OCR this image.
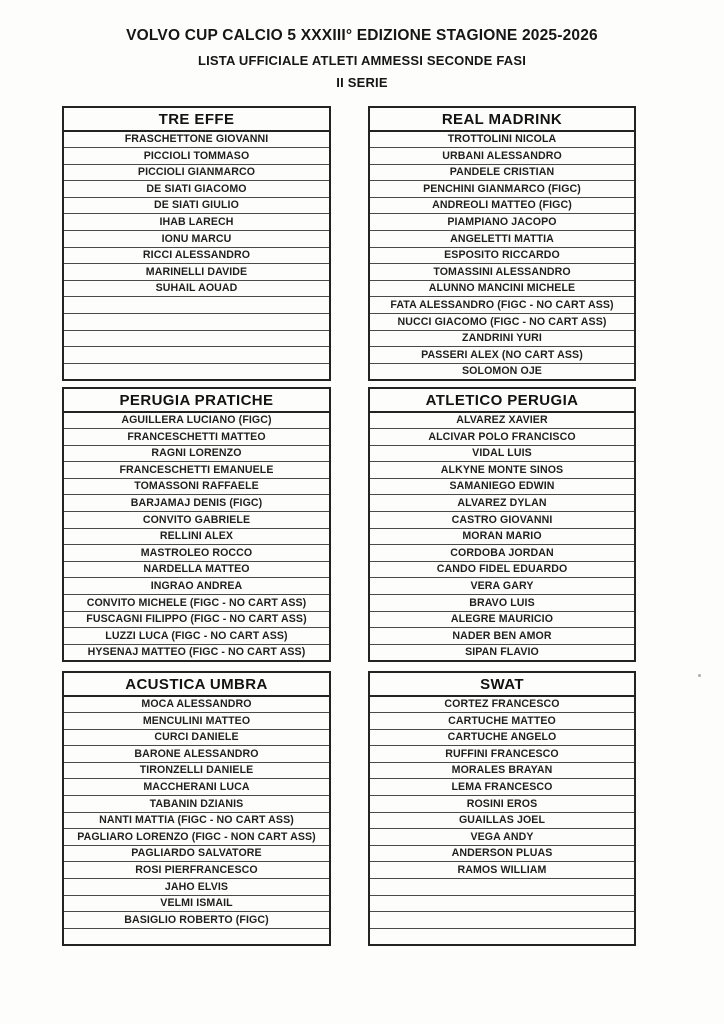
VOLVO CUP CALCIO 5 XXXIII° EDIZIONE STAGIONE 2025-2026
LISTA UFFICIALE ATLETI AMMESSI SECONDE FASI
II SERIE
TRE EFFE
FRASCHETTONE GIOVANNI
PICCIOLI TOMMASO
PICCIOLI GIANMARCO
DE SIATI GIACOMO
DE SIATI GIULIO
IHAB LARECH
IONU MARCU
RICCI ALESSANDRO
MARINELLI DAVIDE
SUHAIL AOUAD

REAL MADRINK
TROTTOLINI NICOLA
URBANI ALESSANDRO
PANDELE CRISTIAN
PENCHINI GIANMARCO (FIGC)
ANDREOLI MATTEO (FIGC)
PIAMPIANO JACOPO
ANGELETTI MATTIA
ESPOSITO RICCARDO
TOMASSINI ALESSANDRO
ALUNNO MANCINI MICHELE
FATA ALESSANDRO (FIGC - NO CART ASS)
NUCCI GIACOMO (FIGC - NO CART ASS)
ZANDRINI YURI
PASSERI ALEX (NO CART ASS)
SOLOMON OJE
PERUGIA PRATICHE
AGUILLERA LUCIANO (FIGC)
FRANCESCHETTI MATTEO
RAGNI LORENZO
FRANCESCHETTI EMANUELE
TOMASSONI RAFFAELE
BARJAMAJ DENIS (FIGC)
CONVITO GABRIELE
RELLINI ALEX
MASTROLEO ROCCO
NARDELLA MATTEO
INGRAO ANDREA
CONVITO MICHELE (FIGC - NO CART ASS)
FUSCAGNI FILIPPO (FIGC - NO CART ASS)
LUZZI LUCA (FIGC - NO CART ASS)
HYSENAJ MATTEO (FIGC - NO CART ASS)
ATLETICO PERUGIA
ALVAREZ XAVIER
ALCIVAR POLO FRANCISCO
VIDAL LUIS
ALKYNE MONTE SINOS
SAMANIEGO EDWIN
ALVAREZ DYLAN
CASTRO GIOVANNI
MORAN MARIO
CORDOBA JORDAN
CANDO FIDEL EDUARDO
VERA GARY
BRAVO LUIS
ALEGRE MAURICIO
NADER BEN AMOR
SIPAN FLAVIO
ACUSTICA UMBRA
MOCA ALESSANDRO
MENCULINI MATTEO
CURCI DANIELE
BARONE ALESSANDRO
TIRONZELLI DANIELE
MACCHERANI LUCA
TABANIN DZIANIS
NANTI MATTIA (FIGC - NO CART ASS)
PAGLIARO LORENZO (FIGC - NON CART ASS)
PAGLIARDO SALVATORE
ROSI PIERFRANCESCO
JAHO ELVIS
VELMI ISMAIL
BASIGLIO ROBERTO (FIGC)

SWAT
CORTEZ FRANCESCO
CARTUCHE MATTEO
CARTUCHE ANGELO
RUFFINI FRANCESCO
MORALES BRAYAN
LEMA FRANCESCO
ROSINI EROS
GUAILLAS JOEL
VEGA ANDY
ANDERSON PLUAS
RAMOS WILLIAM
